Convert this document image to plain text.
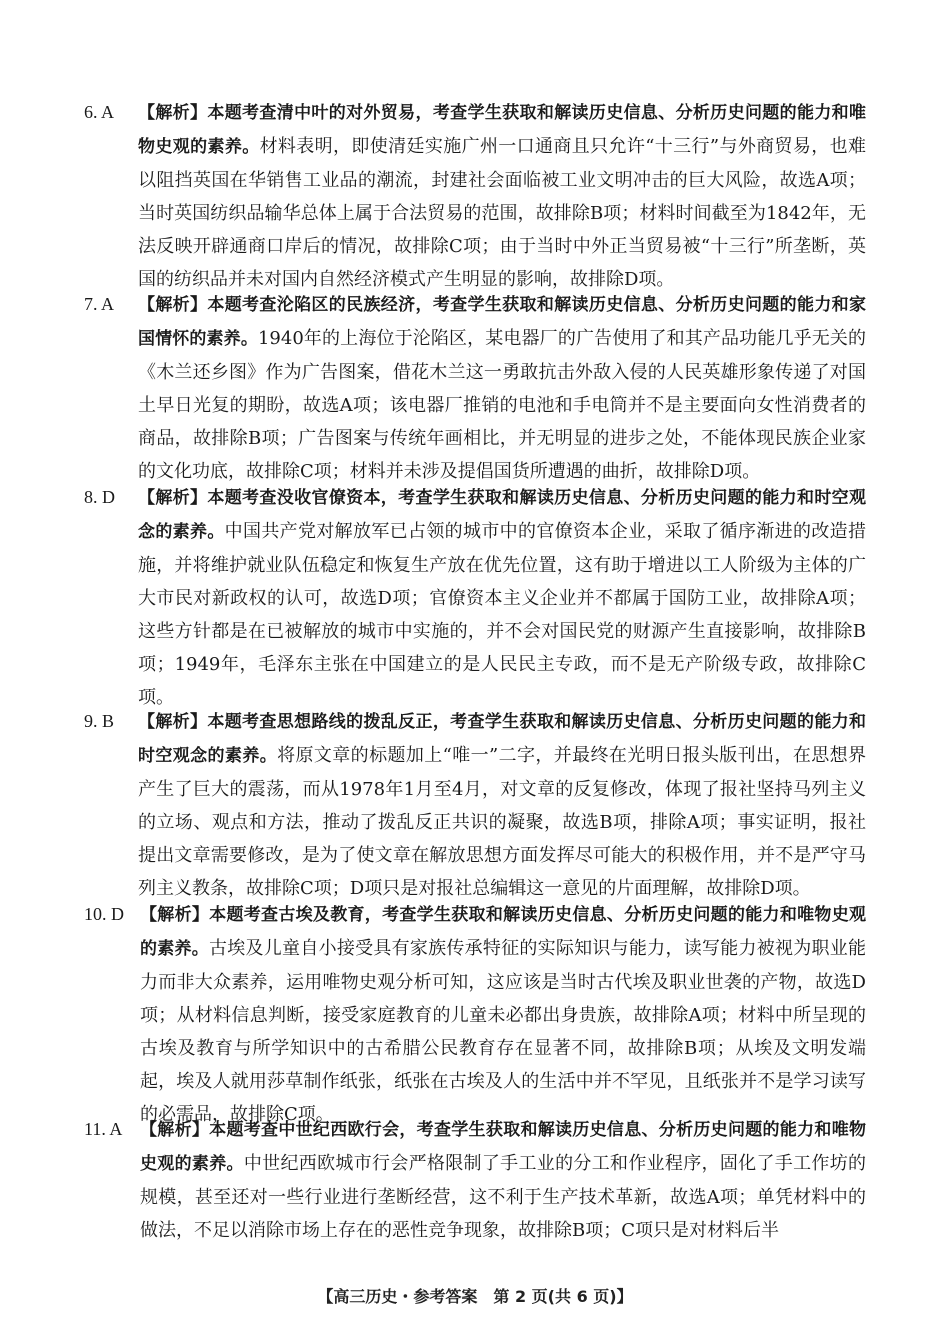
6. A	【解析】本题考查清中叶的对外贸易，考查学生获取和解读历史信息、分析历史问题的能力和唯物史观的素养。材料表明，即使清廷实施广州一口通商且只允许“十三行”与外商贸易，也难以阻挡英国在华销售工业品的潮流，封建社会面临被工业文明冲击的巨大风险，故选A项；当时英国纺织品输华总体上属于合法贸易的范围，故排除B项；材料时间截至为1842年，无法反映开辟通商口岸后的情况，故排除C项；由于当时中外正当贸易被“十三行”所垄断，英国的纺织品并未对国内自然经济模式产生明显的影响，故排除D项。
7. A	【解析】本题考查沦陷区的民族经济，考查学生获取和解读历史信息、分析历史问题的能力和家国情怀的素养。1940年的上海位于沦陷区，某电器厂的广告使用了和其产品功能几乎无关的《木兰还乡图》作为广告图案，借花木兰这一勇敢抗击外敌入侵的人民英雄形象传递了对国土早日光复的期盼，故选A项；该电器厂推销的电池和手电筒并不是主要面向女性消费者的商品，故排除B项；广告图案与传统年画相比，并无明显的进步之处，不能体现民族企业家的文化功底，故排除C项；材料并未涉及提倡国货所遭遇的曲折，故排除D项。
8. D	【解析】本题考查没收官僚资本，考查学生获取和解读历史信息、分析历史问题的能力和时空观念的素养。中国共产党对解放军已占领的城市中的官僚资本企业，采取了循序渐进的改造措施，并将维护就业队伍稳定和恢复生产放在优先位置，这有助于增进以工人阶级为主体的广大市民对新政权的认可，故选D项；官僚资本主义企业并不都属于国防工业，故排除A项；这些方针都是在已被解放的城市中实施的，并不会对国民党的财源产生直接影响，故排除B项；1949年，毛泽东主张在中国建立的是人民民主专政，而不是无产阶级专政，故排除C项。
9. B	【解析】本题考查思想路线的拨乱反正，考查学生获取和解读历史信息、分析历史问题的能力和时空观念的素养。将原文章的标题加上“唯一”二字，并最终在光明日报头版刊出，在思想界产生了巨大的震荡，而从1978年1月至4月，对文章的反复修改，体现了报社坚持马列主义的立场、观点和方法，推动了拨乱反正共识的凝聚，故选B项，排除A项；事实证明，报社提出文章需要修改，是为了使文章在解放思想方面发挥尽可能大的积极作用，并不是严守马列主义教条，故排除C项；D项只是对报社总编辑这一意见的片面理解，故排除D项。
10. D 【解析】本题考查古埃及教育，考查学生获取和解读历史信息、分析历史问题的能力和唯物史观的素养。古埃及儿童自小接受具有家族传承特征的实际知识与能力，读写能力被视为职业能力而非大众素养，运用唯物史观分析可知，这应该是当时古代埃及职业世袭的产物，故选D项；从材料信息判断，接受家庭教育的儿童未必都出身贵族，故排除A项；材料中所呈现的古埃及教育与所学知识中的古希腊公民教育存在显著不同，故排除B项；从埃及文明发端起，埃及人就用莎草制作纸张，纸张在古埃及人的生活中并不罕见，且纸张并不是学习读写的必需品，故排除C项。
11. A	【解析】本题考查中世纪西欧行会，考查学生获取和解读历史信息、分析历史问题的能力和唯物史观的素养。中世纪西欧城市行会严格限制了手工业的分工和作业程序，固化了手工作坊的规模，甚至还对一些行业进行垄断经营，这不利于生产技术革新，故选A项；单凭材料中的做法，不足以消除市场上存在的恶性竞争现象，故排除B项；C项只是对材料后半
【高三历史・参考答案　第 2 页(共 6 页)】
